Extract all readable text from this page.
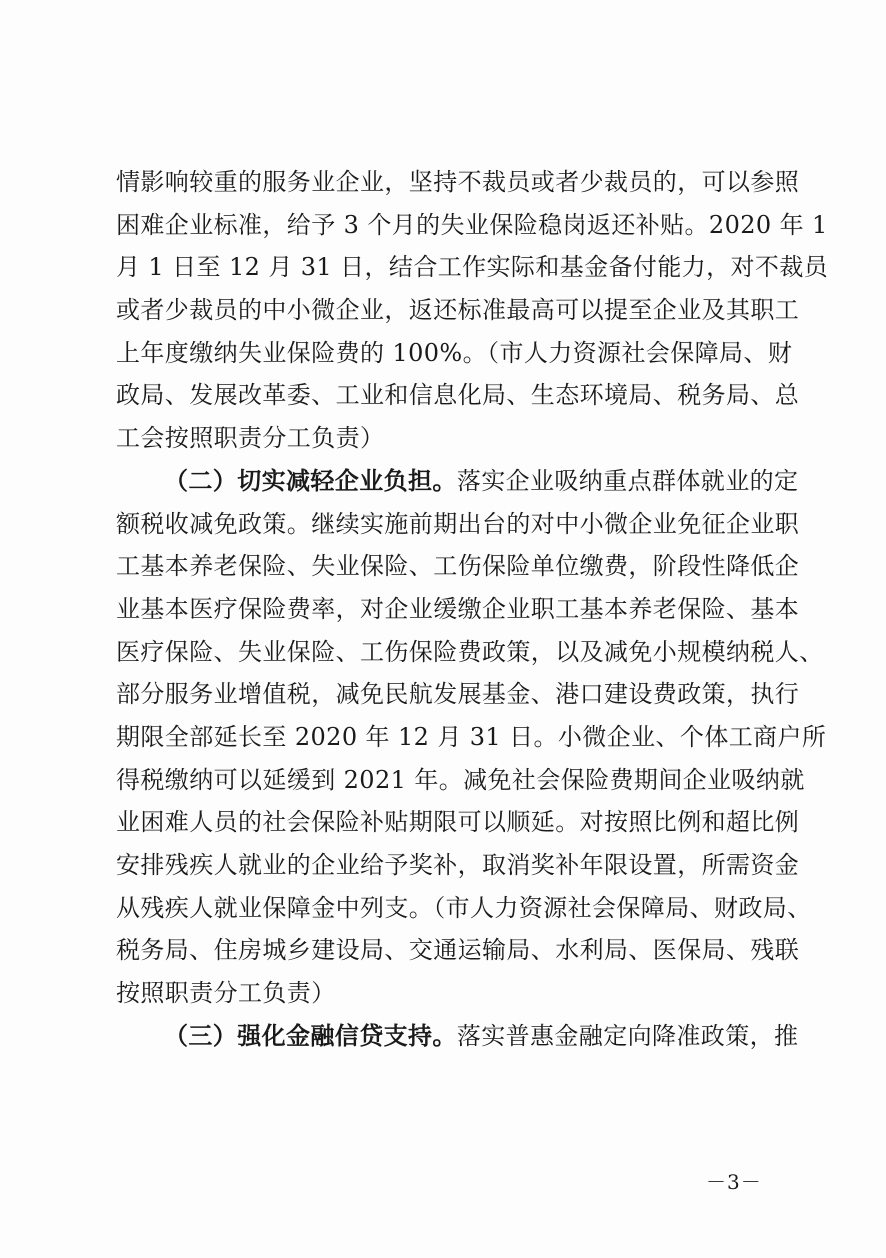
情影响较重的服务业企业，坚持不裁员或者少裁员的，可以参照
困难企业标准，给予 3 个月的失业保险稳岗返还补贴。2020 年 1
月 1 日至 12 月 31 日，结合工作实际和基金备付能力，对不裁员
或者少裁员的中小微企业，返还标准最高可以提至企业及其职工
上年度缴纳失业保险费的 100%。（市人力资源社会保障局、财
政局、发展改革委、工业和信息化局、生态环境局、税务局、总
工会按照职责分工负责）
（二）切实减轻企业负担。落实企业吸纳重点群体就业的定
额税收减免政策。继续实施前期出台的对中小微企业免征企业职
工基本养老保险、失业保险、工伤保险单位缴费，阶段性降低企
业基本医疗保险费率，对企业缓缴企业职工基本养老保险、基本
医疗保险、失业保险、工伤保险费政策，以及减免小规模纳税人、
部分服务业增值税，减免民航发展基金、港口建设费政策，执行
期限全部延长至 2020 年 12 月 31 日。小微企业、个体工商户所
得税缴纳可以延缓到 2021 年。减免社会保险费期间企业吸纳就
业困难人员的社会保险补贴期限可以顺延。对按照比例和超比例
安排残疾人就业的企业给予奖补，取消奖补年限设置，所需资金
从残疾人就业保障金中列支。（市人力资源社会保障局、财政局、
税务局、住房城乡建设局、交通运输局、水利局、医保局、残联
按照职责分工负责）
（三）强化金融信贷支持。落实普惠金融定向降准政策，推
－3－
